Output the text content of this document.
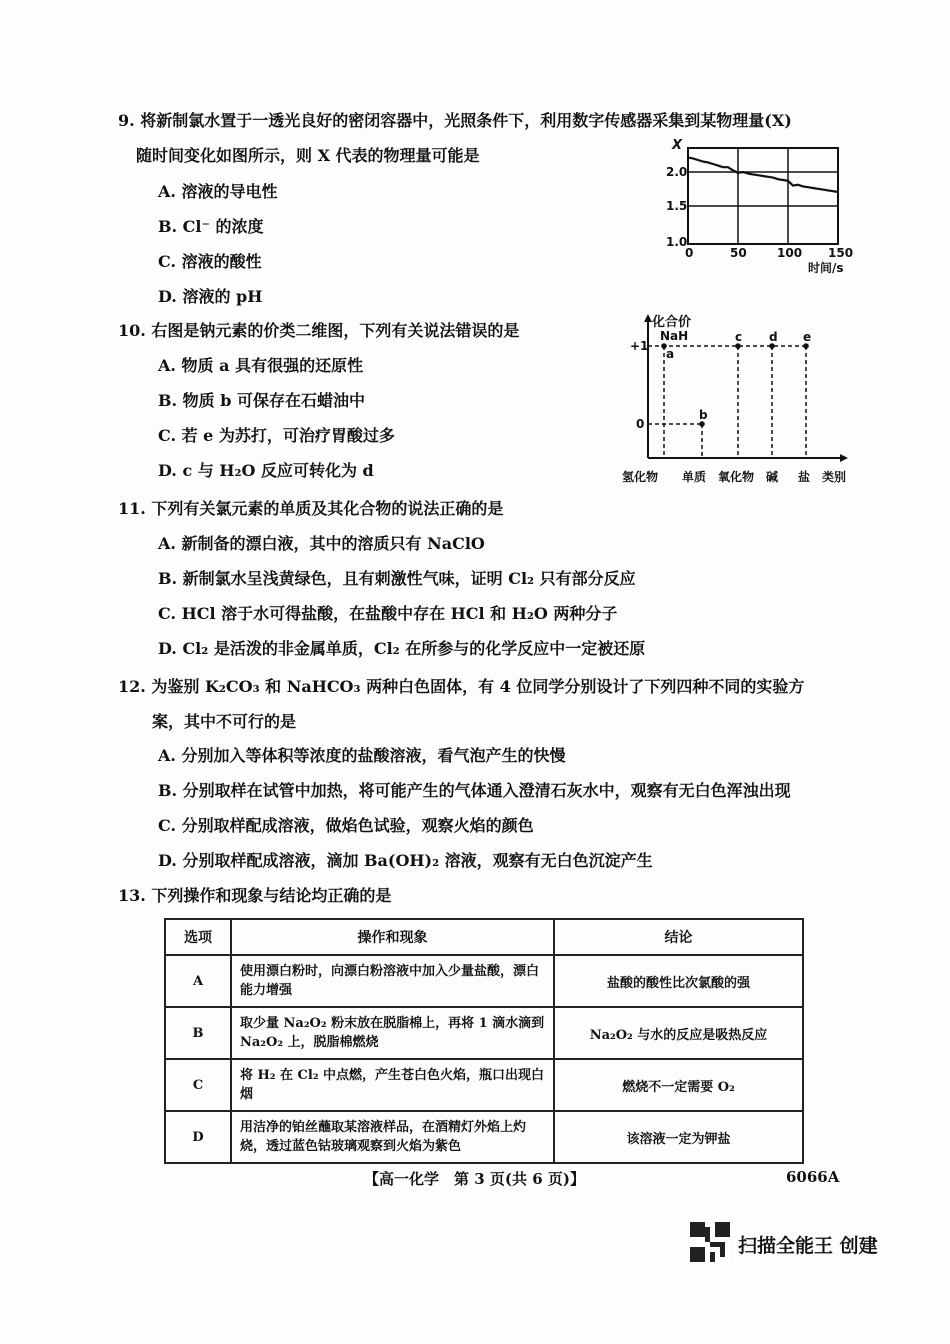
9. 将新制氯水置于一透光良好的密闭容器中，光照条件下，利用数字传感器采集到某物理量(X)
随时间变化如图所示，则 X 代表的物理量可能是
A. 溶液的导电性
B. Cl⁻ 的浓度
C. 溶液的酸性
D. 溶液的 pH
X
2.0
1.5
1.0
0	50	100 150
时间/s
10. 右图是钠元素的价类二维图，下列有关说法错误的是
A. 物质 a 具有很强的还原性
B. 物质 b 可保存在石蜡油中
C. 若 e 为苏打，可治疗胃酸过多
D. c 与 H₂O 反应可转化为 d
化合价
+1
0
a
b
c d e
NaH
氢化物 单质 氧化物 碱 盐 类别
11. 下列有关氯元素的单质及其化合物的说法正确的是
A. 新制备的漂白液，其中的溶质只有 NaClO
B. 新制氯水呈浅黄绿色，且有刺激性气味，证明 Cl₂ 只有部分反应
C. HCl 溶于水可得盐酸，在盐酸中存在 HCl 和 H₂O 两种分子
D. Cl₂ 是活泼的非金属单质，Cl₂ 在所参与的化学反应中一定被还原
12. 为鉴别 K₂CO₃ 和 NaHCO₃ 两种白色固体，有 4 位同学分别设计了下列四种不同的实验方
案，其中不可行的是
A. 分别加入等体积等浓度的盐酸溶液，看气泡产生的快慢
B. 分别取样在试管中加热，将可能产生的气体通入澄清石灰水中，观察有无白色浑浊出现
C. 分别取样配成溶液，做焰色试验，观察火焰的颜色
D. 分别取样配成溶液，滴加 Ba(OH)₂ 溶液，观察有无白色沉淀产生
13. 下列操作和现象与结论均正确的是
选项	操作和现象	结论
A	使用漂白粉时，向漂白粉溶液中加入少量盐酸，漂白能力增强	盐酸的酸性比次氯酸的强
B	取少量 Na₂O₂ 粉末放在脱脂棉上，再将 1 滴水滴到 Na₂O₂ 上，脱脂棉燃烧	Na₂O₂ 与水的反应是吸热反应
C	将 H₂ 在 Cl₂ 中点燃，产生苍白色火焰，瓶口出现白烟	燃烧不一定需要 O₂
D	用洁净的铂丝蘸取某溶液样品，在酒精灯外焰上灼烧，透过蓝色钴玻璃观察到火焰为紫色	该溶液一定为钾盐
【高一化学　第 3 页(共 6 页)】	6066A
扫描全能王 创建
